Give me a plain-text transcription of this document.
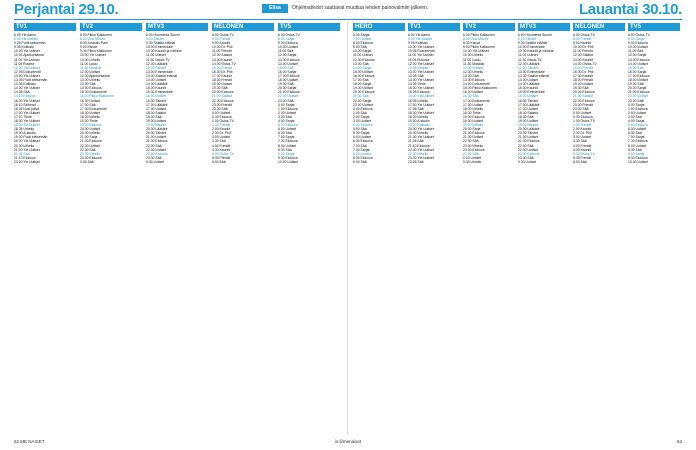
Perjantai 29.10.	Elisa	Ohjelmatiedot saattavat muuttua lehden painovalmiin jälkeen.	Lauantai 30.10.
TV1
6.00 Yle Aamu
9.00 Yle Uutiset
9.05 Puoli seitsemän
9.35 Kotikatu
10.00 Yle Uutiset
10.05 Ajankohtaista
11.00 Yle Uutiset
11.05 Rooma
12.00 Yle Uutiset
12.05 Dokumentti
13.00 Yle Uutiset
13.05 Puoli seitsemän
13.35 Kotikatu
14.00 Yle Uutiset
14.05 Sää
14.10 Elokuva
16.00 Yle Uutiset
16.10 Strömsö
16.45 Uusi päivä
17.00 Yle Uutiset
17.10 Tiede
18.00 Yle Uutiset
18.30 Yle Uutiset
18.35 Urheilu
19.00 A-studio
19.30 Puoli seitsemän
20.00 Yle Uutiset
20.30 Urheilu
21.00 Yle Uutiset
21.05 Sää
21.10 Elokuva
23.00 Yle Uutiset
TV2
6.00 Pikku Kakkonen
8.00 Uusi Muumi
8.30 Jurassic Park
9.00 Kissat
9.30 Pikku Kakkonen
10.00 Yle Uutiset
10.30 Urheilu
11.00 Laulu
11.30 Musiikki
12.00 Uutiset
12.30 Ajankohtaista
13.00 Urheilu
13.30 Sää
14.00 Elokuva
15.30 Dokumentti
16.00 Pikku Kakkonen
16.30 Uutiset
17.00 Sää
17.30 Dokumentti
18.00 Uutiset
18.30 Urheilu
19.00 Tiede
19.30 Elokuva
20.00 Uutiset
20.30 Urheilu
21.00 Sarja
21.30 Elokuva
22.00 Uutiset
22.30 Sää
23.00 Urheilu
23.30 Elokuva
0.30 Sää
MTV3
6.00 Huomenta Suomi
9.00 Tähdet
9.30 Salatut elämät
10.00 Emmerdale
10.30 Kauniit ja rohkeat
11.00 Uutiset
11.30 Ostos-TV
12.00 Lääkärit
12.30 Tähdet
13.00 Emmerdale
13.30 Salatut elämät
14.00 Uutiset
14.30 Lääkärit
15.00 Kauniit
15.30 Emmerdale
16.00 Uutiset
16.30 Tähdet
17.00 Lääkärit
17.30 Uutiset
18.00 Salatut
18.30 Sää
19.00 Uutiset
19.30 Kauniit
20.00 Lääkärit
20.30 Tähdet
21.00 Uutiset
21.30 Elokuva
22.00 Sää
22.30 Uutiset
23.00 Elokuva
23.30 Sää
0.30 Uutiset
NELONEN
6.00 Ostos-TV
8.00 Frendit
9.00 Kauniit
10.00 Dr. Phil
11.00 Frendit
12.00 Salatut
13.00 Kauniit
14.00 Ostos-TV
15.00 Frendit
16.00 Dr. Phil
17.00 Kauniit
18.00 Frendit
19.00 Uutiset
19.30 Sää
20.00 Elokuva
21.00 Salatut
22.00 Elokuva
23.00 Frendit
23.30 Sää
0.00 Uutiset
0.30 Elokuva
1.00 Ostos-TV
1.30 Frendit
2.00 Kauniit
2.30 Dr. Phil
3.00 Uutiset
3.30 Sää
4.00 Frendit
4.30 Kauniit
5.00 Ostos-TV
5.30 Frendit
6.00 Sää
TV5
6.00 Ostos-TV
8.00 Sarjat
9.00 Elokuva
10.00 Uutiset
11.00 Sää
12.00 Sarjat
13.00 Elokuva
14.00 Uutiset
15.00 Sää
16.00 Sarjat
17.00 Elokuva
18.00 Uutiset
19.00 Sää
20.00 Sarjat
21.00 Elokuva
22.00 Uutiset
23.00 Sää
0.00 Sarjat
1.00 Elokuva
2.00 Uutiset
3.00 Sää
4.00 Sarjat
5.00 Elokuva
6.00 Uutiset
6.30 Sää
7.00 Sarjat
7.30 Elokuva
8.00 Uutiset
8.30 Sää
9.00 Sarjat
9.30 Elokuva
10.00 Uutiset
HERO
6.00 Sarjat
7.00 Uutiset
8.00 Elokuva
9.00 Sää
10.00 Sarjat
11.00 Uutiset
12.00 Elokuva
13.00 Sää
14.00 Sarjat
15.00 Uutiset
16.00 Elokuva
17.00 Sää
18.00 Sarjat
19.00 Uutiset
20.00 Elokuva
21.00 Sää
22.00 Sarjat
23.00 Uutiset
0.00 Elokuva
1.00 Sää
2.00 Sarjat
3.00 Uutiset
4.00 Elokuva
5.00 Sää
5.30 Sarjat
6.00 Uutiset
6.30 Elokuva
7.00 Sää
7.30 Sarjat
8.00 Uutiset
8.30 Elokuva
9.00 Sää
TV1
6.00 Yle Aamu
9.00 Yle Uutiset
9.05 Kotikatu
10.00 Yle Uutiset
10.05 Dokumentti
11.00 Yle Uutiset
11.05 Elokuva
12.00 Yle Uutiset
12.05 Urheilu
13.00 Yle Uutiset
13.05 Sää
14.00 Yle Uutiset
14.05 Tiede
15.00 Yle Uutiset
15.05 Elokuva
16.00 Yle Uutiset
16.05 Urheilu
17.00 Yle Uutiset
17.05 Sää
18.00 Yle Uutiset
18.30 Urheilu
19.00 A-studio
19.30 Kotikatu
20.00 Yle Uutiset
20.30 Urheilu
21.00 Yle Uutiset
21.05 Sää
21.10 Elokuva
22.00 Yle Uutiset
22.30 Urheilu
23.00 Yle Uutiset
23.05 Sää
TV2
6.00 Pikku Kakkonen
8.00 Uusi Muumi
8.30 Kissat
9.00 Pikku Kakkonen
10.00 Yle Uutiset
10.30 Urheilu
11.00 Laulu
11.30 Musiikki
12.00 Uutiset
12.30 Urheilu
13.00 Sää
13.30 Elokuva
14.00 Dokumentti
15.00 Pikku Kakkonen
16.00 Uutiset
16.30 Sää
17.00 Dokumentti
17.30 Uutiset
18.00 Urheilu
18.30 Tiede
19.00 Elokuva
19.30 Uutiset
20.00 Urheilu
20.30 Sarja
21.00 Elokuva
21.30 Uutiset
22.00 Sää
22.30 Urheilu
23.00 Elokuva
23.30 Sää
0.00 Uutiset
0.30 Urheilu
MTV3
6.00 Huomenta Suomi
9.00 Tähdet
9.30 Salatut elämät
10.00 Emmerdale
10.30 Kauniit ja rohkeat
11.00 Uutiset
11.30 Ostos-TV
12.00 Lääkärit
12.30 Tähdet
13.00 Emmerdale
13.30 Salatut elämät
14.00 Uutiset
14.30 Lääkärit
15.00 Kauniit
15.30 Emmerdale
16.00 Uutiset
16.30 Tähdet
17.00 Lääkärit
17.30 Uutiset
18.00 Salatut
18.30 Sää
19.00 Uutiset
19.30 Kauniit
20.00 Lääkärit
20.30 Tähdet
21.00 Uutiset
21.30 Elokuva
22.00 Sää
22.30 Uutiset
23.00 Elokuva
23.30 Sää
0.30 Uutiset
NELONEN
6.00 Ostos-TV
8.00 Frendit
9.00 Kauniit
10.00 Dr. Phil
11.00 Frendit
12.00 Salatut
13.00 Kauniit
14.00 Ostos-TV
15.00 Frendit
16.00 Dr. Phil
17.00 Kauniit
18.00 Frendit
19.00 Uutiset
19.30 Sää
20.00 Elokuva
21.00 Salatut
22.00 Elokuva
23.00 Frendit
23.30 Sää
0.00 Uutiset
0.30 Elokuva
1.00 Ostos-TV
1.30 Frendit
2.00 Kauniit
2.30 Dr. Phil
3.00 Uutiset
3.30 Sää
4.00 Frendit
4.30 Kauniit
5.00 Ostos-TV
5.30 Frendit
6.00 Sää
TV5
6.00 Ostos-TV
8.00 Sarjat
9.00 Elokuva
10.00 Uutiset
11.00 Sää
12.00 Sarjat
13.00 Elokuva
14.00 Uutiset
15.00 Sää
16.00 Sarjat
17.00 Elokuva
18.00 Uutiset
19.00 Sää
20.00 Sarjat
21.00 Elokuva
22.00 Uutiset
23.00 Sää
0.00 Sarjat
1.00 Elokuva
2.00 Uutiset
3.00 Sää
4.00 Sarjat
5.00 Elokuva
6.00 Uutiset
6.30 Sää
7.00 Sarjat
7.30 Elokuva
8.00 Uutiset
8.30 Sää
9.00 Sarjat
9.30 Elokuva
10.00 Uutiset
62 ME NAISET	is.fi/menaiset	63
